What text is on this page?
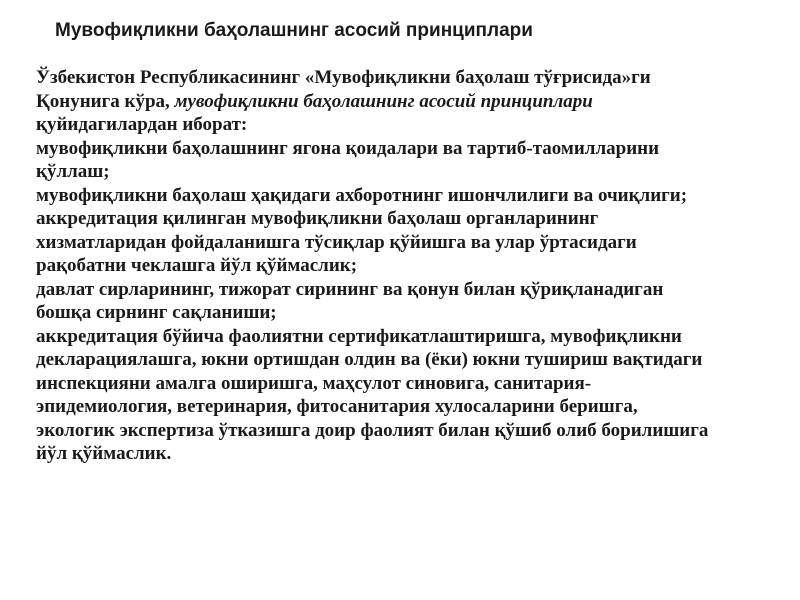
Мувофиқликни баҳолашнинг асосий принциплари
Ўзбекистон Республикасининг «Мувофиқликни баҳолаш тўғрисида»ги
Қонунига кўра, мувофиқликни баҳолашнинг асосий принциплари
қуйидагилардан иборат:
мувофиқликни баҳолашнинг ягона қоидалари ва тартиб-таомилларини
қўллаш;
мувофиқликни баҳолаш ҳақидаги ахборотнинг ишончлилиги ва очиқлиги;
аккредитация қилинган мувофиқликни баҳолаш органларининг
хизматларидан фойдаланишга тўсиқлар қўйишга ва улар ўртасидаги
рақобатни чеклашга йўл қўймаслик;
давлат сирларининг, тижорат сирининг ва қонун билан қўриқланадиган
бошқа сирнинг сақланиши;
аккредитация бўйича фаолиятни сертификатлаштиришга, мувофиқликни
декларациялашга, юкни ортишдан олдин ва (ёки) юкни тушириш вақтидаги
инспекцияни амалга оширишга, маҳсулот синовига, санитария-
эпидемиология, ветеринария, фитосанитария хулосаларини беришга,
экологик экспертиза ўтказишга доир фаолият билан қўшиб олиб борилишига
йўл қўймаслик.
